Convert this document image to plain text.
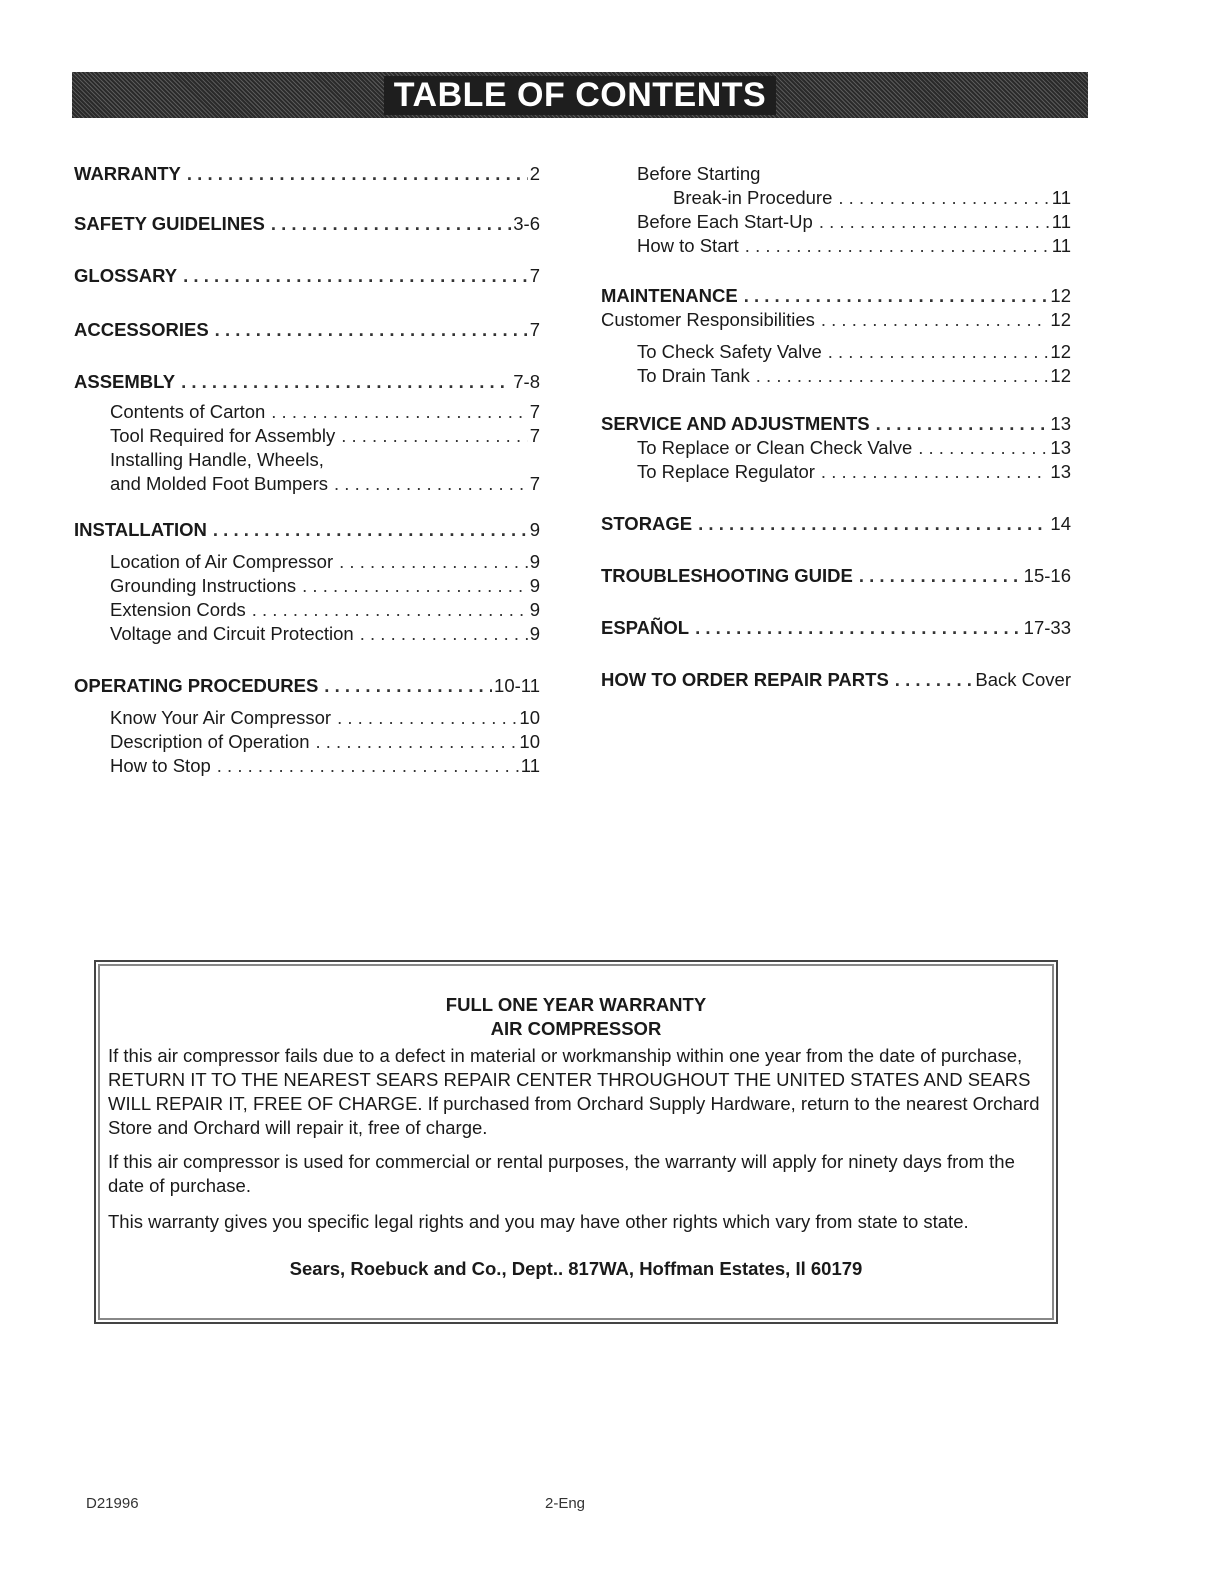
TABLE OF CONTENTS
WARRANTY . . .	2
SAFETY GUIDELINES . . .	3-6
GLOSSARY . . .	7
ACCESSORIES . . .	7
ASSEMBLY . . .	7-8
Contents of Carton . . .	7
Tool Required for Assembly . . .	7
Installing Handle, Wheels,
and Molded Foot Bumpers . . .	7
INSTALLATION . . .	9
Location of Air Compressor . . .	9
Grounding Instructions . . .	9
Extension Cords . . .	9
Voltage and Circuit Protection . . .	9
OPERATING PROCEDURES . . .	10-11
Know Your Air Compressor . . .	10
Description of Operation . . .	10
How to Stop . . .	11
Before Starting
Break-in Procedure . . .	11
Before Each Start-Up . . .	11
How to Start . . .	11
MAINTENANCE . . .	12
Customer Responsibilities . . .	12
To Check Safety Valve . . .	12
To Drain Tank . . .	12
SERVICE AND ADJUSTMENTS . . .	13
To Replace or Clean Check Valve . . .	13
To Replace Regulator . . .	13
STORAGE . . .	14
TROUBLESHOOTING GUIDE . . .	15-16
ESPAÑOL . . .	17-33
HOW TO ORDER REPAIR PARTS . . .	Back Cover
FULL ONE YEAR WARRANTY
AIR COMPRESSOR
If this air compressor fails due to a defect in material or workmanship within one year from the date of purchase, RETURN IT TO THE NEAREST SEARS REPAIR CENTER THROUGHOUT THE UNITED STATES AND SEARS WILL REPAIR IT, FREE OF CHARGE. If purchased from Orchard Supply Hardware, return to the nearest Orchard Store and Orchard will repair it, free of charge.
If this air compressor is used for commercial or rental purposes, the warranty will apply for ninety days from the date of purchase.
This warranty gives you specific legal rights and you may have other rights which vary from state to state.
Sears, Roebuck and Co., Dept.. 817WA, Hoffman Estates, Il 60179
D21996	2-Eng
